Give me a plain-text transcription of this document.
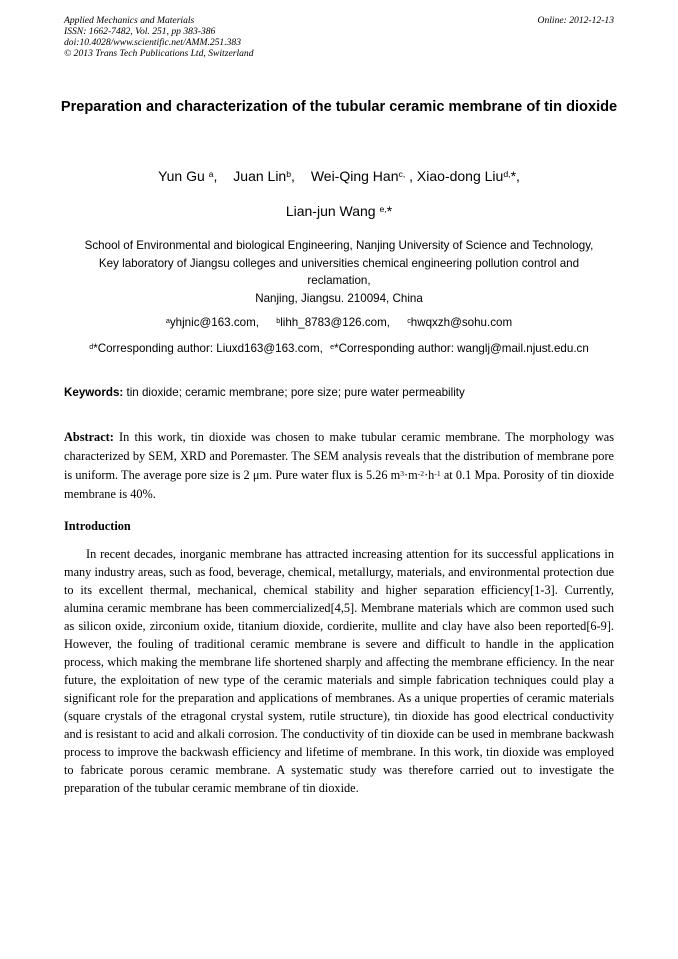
Applied Mechanics and Materials
ISSN: 1662-7482, Vol. 251, pp 383-386
doi:10.4028/www.scientific.net/AMM.251.383
© 2013 Trans Tech Publications Ltd, Switzerland
Online: 2012-12-13
Preparation and characterization of the tubular ceramic membrane of tin dioxide
Yun Gu $^a$, Juan Lin$^b$, Wei-Qing Han$^{c,}$ , Xiao-dong Liu$^{d,}$*,
Lian-jun Wang $^{e,}$*
School of Environmental and biological Engineering, Nanjing University of Science and Technology,
Key laboratory of Jiangsu colleges and universities chemical engineering pollution control and
reclamation,
Nanjing, Jiangsu. 210094, China
$^a$yhjnic@163.com, $^b$lihh_8783@126.com, $^c$hwqxzh@sohu.com
$^d$*Corresponding author: Liuxd163@163.com, $^e$*Corresponding author: wanglj@mail.njust.edu.cn
Keywords: tin dioxide; ceramic membrane; pore size; pure water permeability
Abstract: In this work, tin dioxide was chosen to make tubular ceramic membrane. The morphology was characterized by SEM, XRD and Poremaster. The SEM analysis reveals that the distribution of membrane pore is uniform. The average pore size is 2 μm. Pure water flux is 5.26 $m^3\cdot m^{-2}\cdot h^{-1}$ at 0.1 Mpa. Porosity of tin dioxide membrane is 40%.
Introduction

In recent decades, inorganic membrane has attracted increasing attention for its successful applications in many industry areas, such as food, beverage, chemical, metallurgy, materials, and environmental protection due to its excellent thermal, mechanical, chemical stability and higher separation efficiency[1-3]. Currently, alumina ceramic membrane has been commercialized[4,5]. Membrane materials which are common used such as silicon oxide, zirconium oxide, titanium dioxide, cordierite, mullite and clay have also been reported[6-9]. However, the fouling of traditional ceramic membrane is severe and difficult to handle in the application process, which making the membrane life shortened sharply and affecting the membrane efficiency. In the near future, the exploitation of new type of the ceramic materials and simple fabrication techniques could play a significant role for the preparation and applications of membranes. As a unique properties of ceramic materials (square crystals of the etragonal crystal system, rutile structure), tin dioxide has good electrical conductivity and is resistant to acid and alkali corrosion. The conductivity of tin dioxide can be used in membrane backwash process to improve the backwash efficiency and lifetime of membrane. In this work, tin dioxide was employed to fabricate porous ceramic membrane. A systematic study was therefore carried out to investigate the preparation of the tubular ceramic membrane of tin dioxide.
